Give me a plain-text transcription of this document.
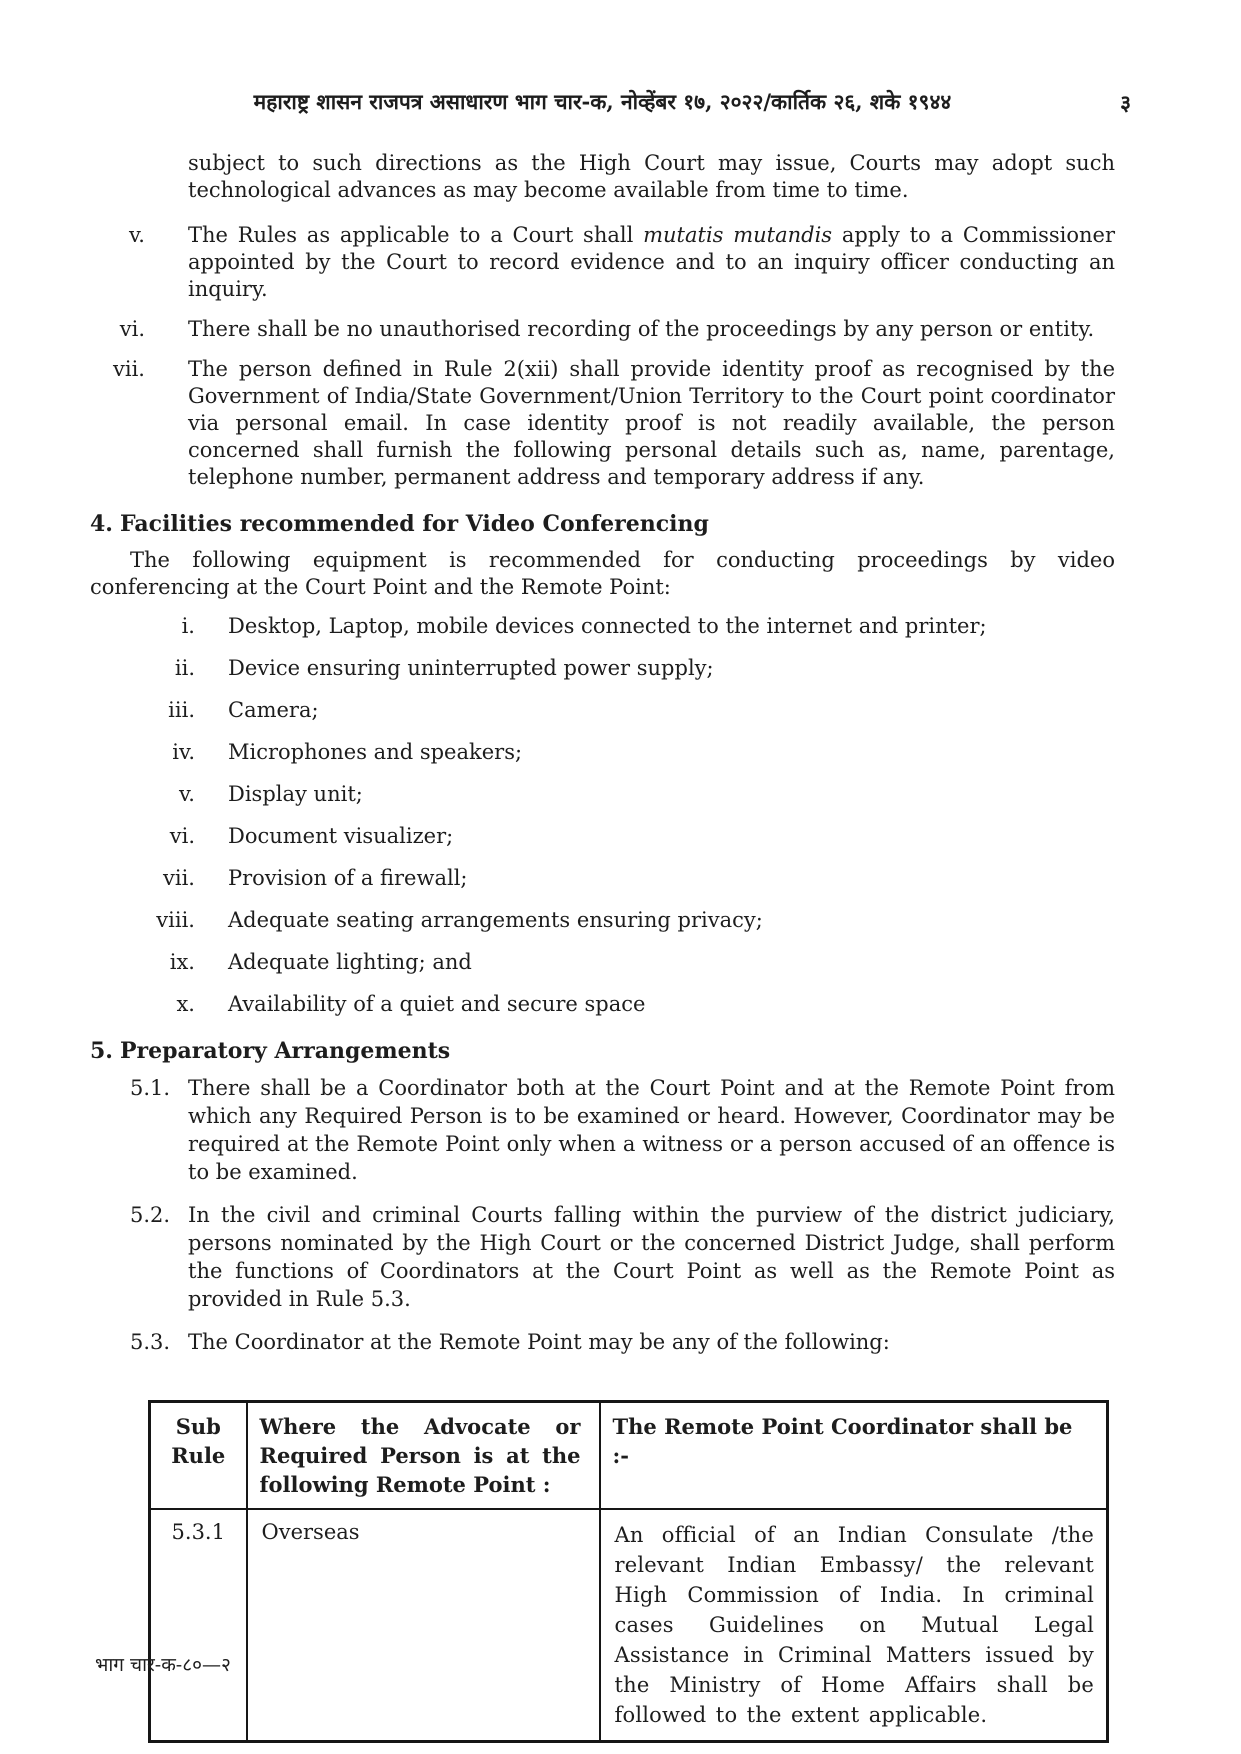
महाराष्ट्र शासन राजपत्र असाधारण भाग चार-क, नोव्हेंबर १७, २०२२/कार्तिक २६, शके १९४४	३
subject to such directions as the High Court may issue, Courts may adopt such technological advances as may become available from time to time.
v. The Rules as applicable to a Court shall mutatis mutandis apply to a Commissioner appointed by the Court to record evidence and to an inquiry officer conducting an inquiry.
vi. There shall be no unauthorised recording of the proceedings by any person or entity.
vii. The person defined in Rule 2(xii) shall provide identity proof as recognised by the Government of India/State Government/Union Territory to the Court point coordinator via personal email. In case identity proof is not readily available, the person concerned shall furnish the following personal details such as, name, parentage, telephone number, permanent address and temporary address if any.
4. Facilities recommended for Video Conferencing
The following equipment is recommended for conducting proceedings by video conferencing at the Court Point and the Remote Point:
i. Desktop, Laptop, mobile devices connected to the internet and printer;
ii. Device ensuring uninterrupted power supply;
iii. Camera;
iv. Microphones and speakers;
v. Display unit;
vi. Document visualizer;
vii. Provision of a firewall;
viii. Adequate seating arrangements ensuring privacy;
ix. Adequate lighting; and
x. Availability of a quiet and secure space
5. Preparatory Arrangements
5.1. There shall be a Coordinator both at the Court Point and at the Remote Point from which any Required Person is to be examined or heard. However, Coordinator may be required at the Remote Point only when a witness or a person accused of an offence is to be examined.
5.2. In the civil and criminal Courts falling within the purview of the district judiciary, persons nominated by the High Court or the concerned District Judge, shall perform the functions of Coordinators at the Court Point as well as the Remote Point as provided in Rule 5.3.
5.3. The Coordinator at the Remote Point may be any of the following:
Sub Rule	Where the Advocate or Required Person is at the following Remote Point :	The Remote Point Coordinator shall be :-
5.3.1	Overseas	An official of an Indian Consulate /the relevant Indian Embassy/ the relevant High Commission of India. In criminal cases Guidelines on Mutual Legal Assistance in Criminal Matters issued by the Ministry of Home Affairs shall be followed to the extent applicable.
भाग चार-क-८०—२
